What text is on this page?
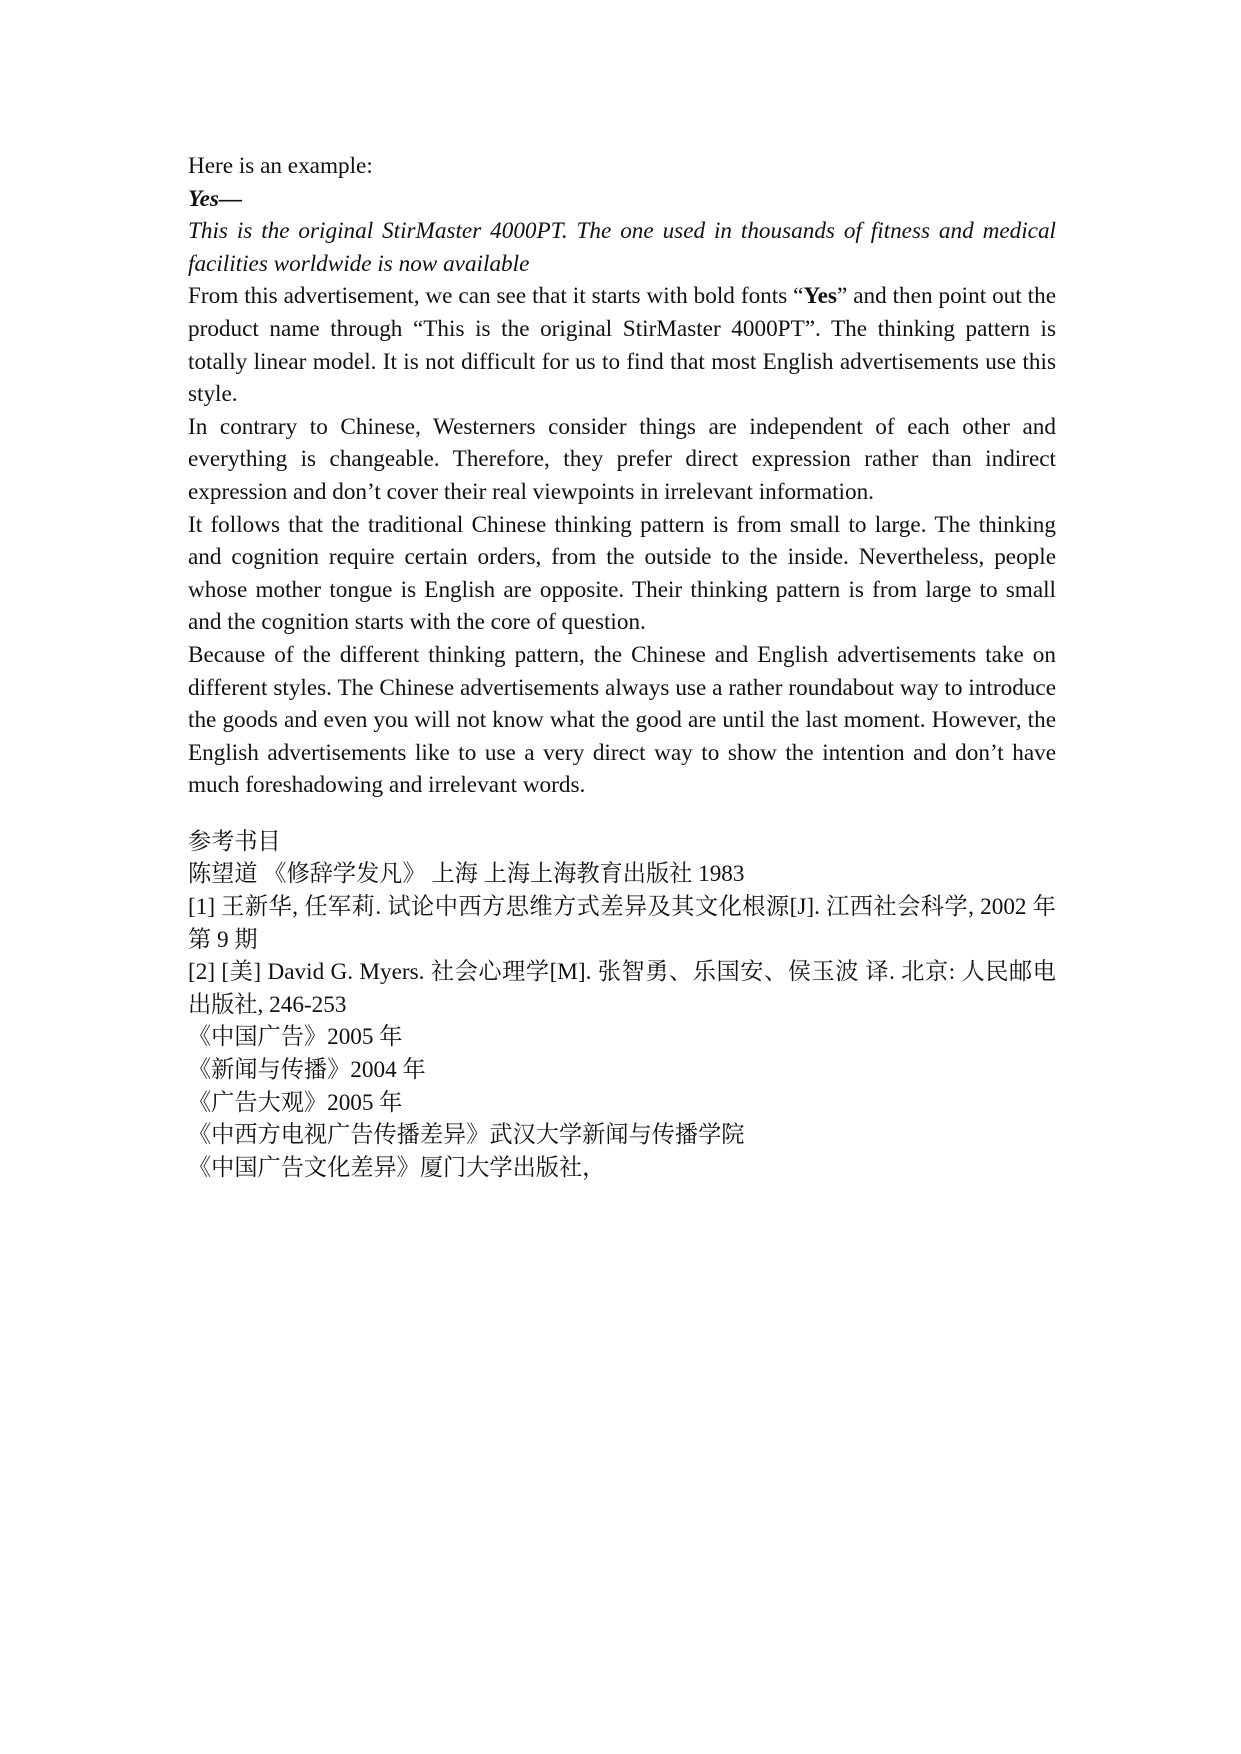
Here is an example:

Yes—

This is the original StirMaster 4000PT. The one used in thousands of fitness and medical facilities worldwide is now available

From this advertisement, we can see that it starts with bold fonts “Yes” and then point out the product name through “This is the original StirMaster 4000PT”. The thinking pattern is totally linear model. It is not difficult for us to find that most English advertisements use this style.

In contrary to Chinese, Westerners consider things are independent of each other and everything is changeable. Therefore, they prefer direct expression rather than indirect expression and don’t cover their real viewpoints in irrelevant information.

It follows that the traditional Chinese thinking pattern is from small to large. The thinking and cognition require certain orders, from the outside to the inside. Nevertheless, people whose mother tongue is English are opposite. Their thinking pattern is from large to small and the cognition starts with the core of question.

Because of the different thinking pattern, the Chinese and English advertisements take on different styles. The Chinese advertisements always use a rather roundabout way to introduce the goods and even you will not know what the good are until the last moment. However, the English advertisements like to use a very direct way to show the intention and don’t have much foreshadowing and irrelevant words.

参考书目

陈望道 《修辞学发凡》 上海 上海上海教育出版社 1983

[1] 王新华, 任军莉. 试论中西方思维方式差异及其文化根源[J]. 江西社会科学, 2002 年第 9 期

[2] [美] David G. Myers. 社会心理学[M]. 张智勇、乐国安、侯玉波 译. 北京: 人民邮电出版社, 246-253

《中国广告》2005 年

《新闻与传播》2004 年

《广告大观》2005 年

《中西方电视广告传播差异》武汉大学新闻与传播学院

《中国广告文化差异》厦门大学出版社，
